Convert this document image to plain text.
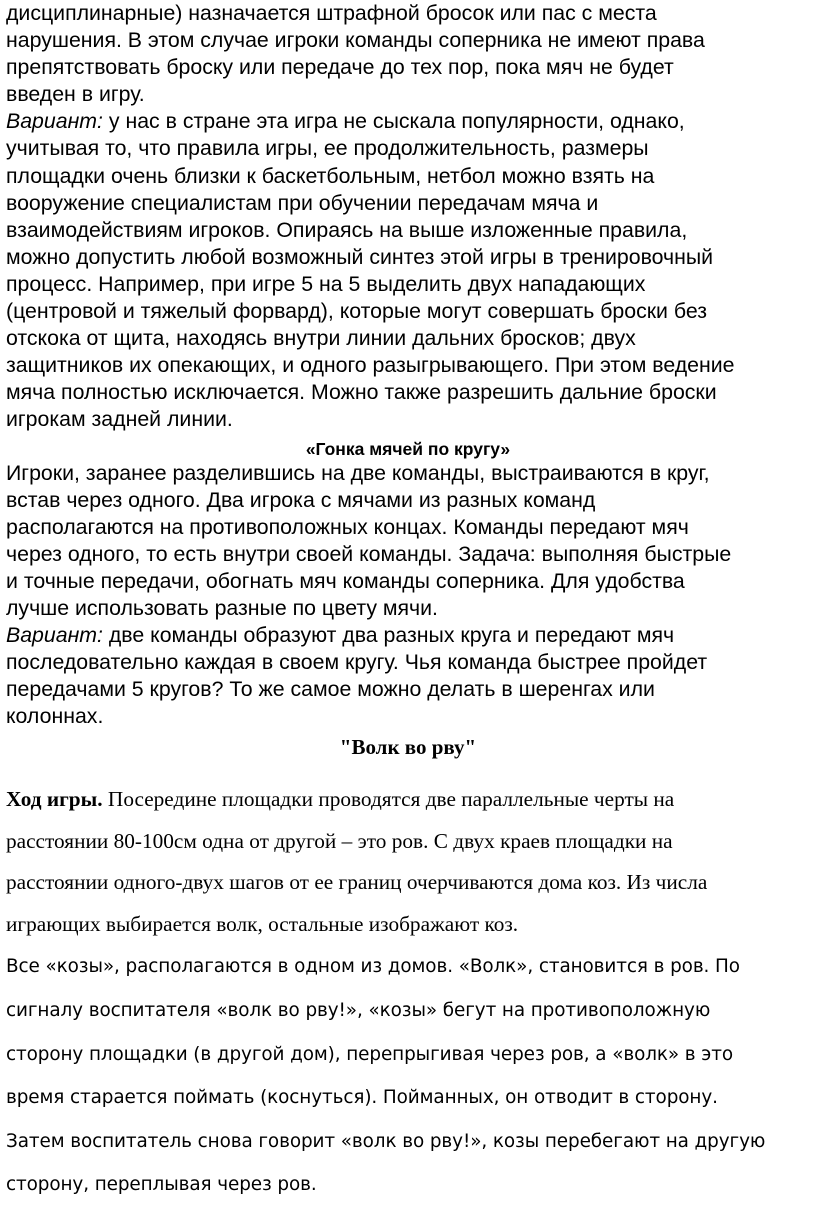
дисциплинарные) назначается штрафной бросок или пас с места
нарушения. В этом случае игроки команды соперника не имеют права
препятствовать броску или передаче до тех пор, пока мяч не будет
введен в игру.

Вариант: у нас в стране эта игра не сыскала популярности, однако,
учитывая то, что правила игры, ее продолжительность, размеры
площадки очень близки к баскетбольным, нетбол можно взять на
вооружение специалистам при обучении передачам мяча и
взаимодействиям игроков. Опираясь на выше изложенные правила,
можно допустить любой возможный синтез этой игры в тренировочный
процесс. Например, при игре 5 на 5 выделить двух нападающих
(центровой и тяжелый форвард), которые могут совершать броски без
отскока от щита, находясь внутри линии дальних бросков; двух
защитников их опекающих, и одного разыгрывающего. При этом ведение
мяча полностью исключается. Можно также разрешить дальние броски
игрокам задней линии.

«Гонка мячей по кругу»

Игроки, заранее разделившись на две команды, выстраиваются в круг,
встав через одного. Два игрока с мячами из разных команд
располагаются на противоположных концах. Команды передают мяч
через одного, то есть внутри своей команды. Задача: выполняя быстрые
и точные передачи, обогнать мяч команды соперника. Для удобства
лучше использовать разные по цвету мячи.

Вариант: две команды образуют два разных круга и передают мяч
последовательно каждая в своем кругу. Чья команда быстрее пройдет
передачами 5 кругов? То же самое можно делать в шеренгах или
колоннах.

"Волк во рву"

Ход игры. Посередине площадки проводятся две параллельные черты на
расстоянии 80-100см одна от другой – это ров. С двух краев площадки на
расстоянии одного-двух шагов от ее границ очерчиваются дома коз. Из числа
играющих выбирается волк, остальные изображают коз.

Все «козы», располагаются в одном из домов. «Волк», становится в ров. По
сигналу воспитателя «волк во рву!», «козы» бегут на противоположную
сторону площадки (в другой дом), перепрыгивая через ров, а «волк» в это
время старается поймать (коснуться). Пойманных, он отводит в сторону.
Затем воспитатель снова говорит «волк во рву!», козы перебегают на другую
сторону, переплывая через ров.
